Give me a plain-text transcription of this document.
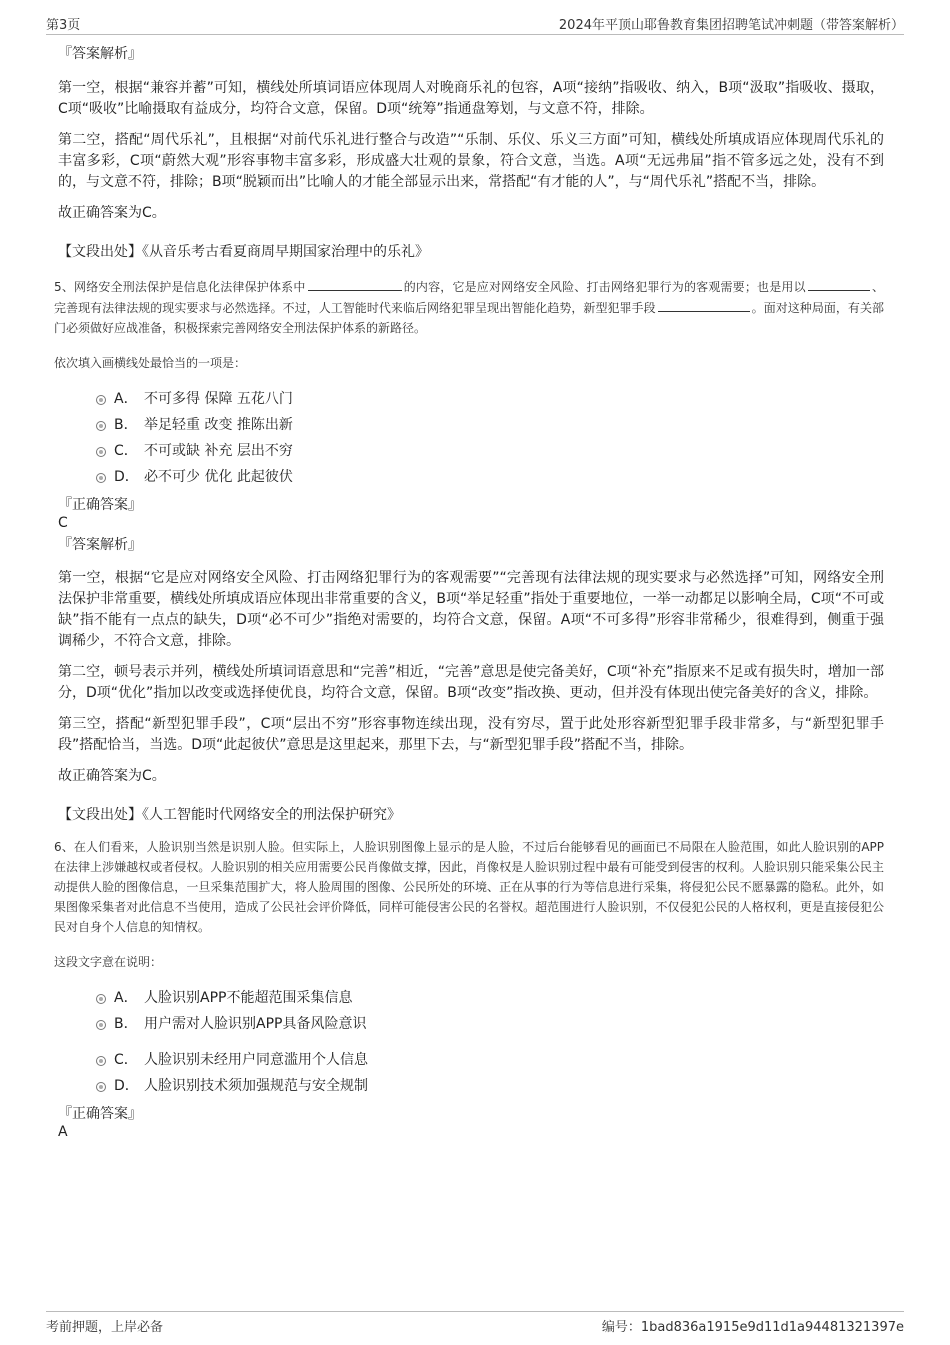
第3页	2024年平顶山耶鲁教育集团招聘笔试冲刺题（带答案解析）

『答案解析』

第一空，根据“兼容并蓄”可知，横线处所填词语应体现周人对晚商乐礼的包容，A项“接纳”指吸收、纳入，B项“汲取”指吸收、摄取，C项“吸收”比喻摄取有益成分，均符合文意，保留。D项“统筹”指通盘筹划，与文意不符，排除。

第二空，搭配“周代乐礼”，且根据“对前代乐礼进行整合与改造”“乐制、乐仪、乐义三方面”可知，横线处所填成语应体现周代乐礼的丰富多彩，C项“蔚然大观”形容事物丰富多彩，形成盛大壮观的景象，符合文意，当选。A项“无远弗届”指不管多远之处，没有不到的，与文意不符，排除；B项“脱颖而出”比喻人的才能全部显示出来，常搭配“有才能的人”，与“周代乐礼”搭配不当，排除。

故正确答案为C。

【文段出处】《从音乐考古看夏商周早期国家治理中的乐礼》

5、网络安全刑法保护是信息化法律保护体系中	的内容，它是应对网络安全风险、打击网络犯罪行为的客观需要；也是用以	、完善现有法律法规的现实要求与必然选择。不过，人工智能时代来临后网络犯罪呈现出智能化趋势，新型犯罪手段	。面对这种局面，有关部门必须做好应战准备，积极探索完善网络安全刑法保护体系的新路径。

依次填入画横线处最恰当的一项是：

A． 不可多得 保障 五花八门
B． 举足轻重 改变 推陈出新
C． 不可或缺 补充 层出不穷
D． 必不可少 优化 此起彼伏

『正确答案』

C

『答案解析』

第一空，根据“它是应对网络安全风险、打击网络犯罪行为的客观需要”“完善现有法律法规的现实要求与必然选择”可知，网络安全刑法保护非常重要，横线处所填成语应体现出非常重要的含义，B项“举足轻重”指处于重要地位，一举一动都足以影响全局，C项“不可或缺”指不能有一点点的缺失，D项“必不可少”指绝对需要的，均符合文意，保留。A项“不可多得”形容非常稀少，很难得到，侧重于强调稀少，不符合文意，排除。

第二空，顿号表示并列，横线处所填词语意思和“完善”相近，“完善”意思是使完备美好，C项“补充”指原来不足或有损失时，增加一部分，D项“优化”指加以改变或选择使优良，均符合文意，保留。B项“改变”指改换、更动，但并没有体现出使完备美好的含义，排除。

第三空，搭配“新型犯罪手段”，C项“层出不穷”形容事物连续出现，没有穷尽，置于此处形容新型犯罪手段非常多，与“新型犯罪手段”搭配恰当，当选。D项“此起彼伏”意思是这里起来，那里下去，与“新型犯罪手段”搭配不当，排除。

故正确答案为C。

【文段出处】《人工智能时代网络安全的刑法保护研究》

6、在人们看来，人脸识别当然是识别人脸。但实际上，人脸识别图像上显示的是人脸，不过后台能够看见的画面已不局限在人脸范围，如此人脸识别的APP在法律上涉嫌越权或者侵权。人脸识别的相关应用需要公民肖像做支撑，因此，肖像权是人脸识别过程中最有可能受到侵害的权利。人脸识别只能采集公民主动提供人脸的图像信息，一旦采集范围扩大，将人脸周围的图像、公民所处的环境、正在从事的行为等信息进行采集，将侵犯公民不愿暴露的隐私。此外，如果图像采集者对此信息不当使用，造成了公民社会评价降低，同样可能侵害公民的名誉权。超范围进行人脸识别，不仅侵犯公民的人格权利，更是直接侵犯公民对自身个人信息的知情权。

这段文字意在说明：

A． 人脸识别APP不能超范围采集信息
B． 用户需对人脸识别APP具备风险意识
C． 人脸识别未经用户同意滥用个人信息
D． 人脸识别技术须加强规范与安全规制

『正确答案』

A

考前押题，上岸必备	编号：1bad836a1915e9d11d1a94481321397e
